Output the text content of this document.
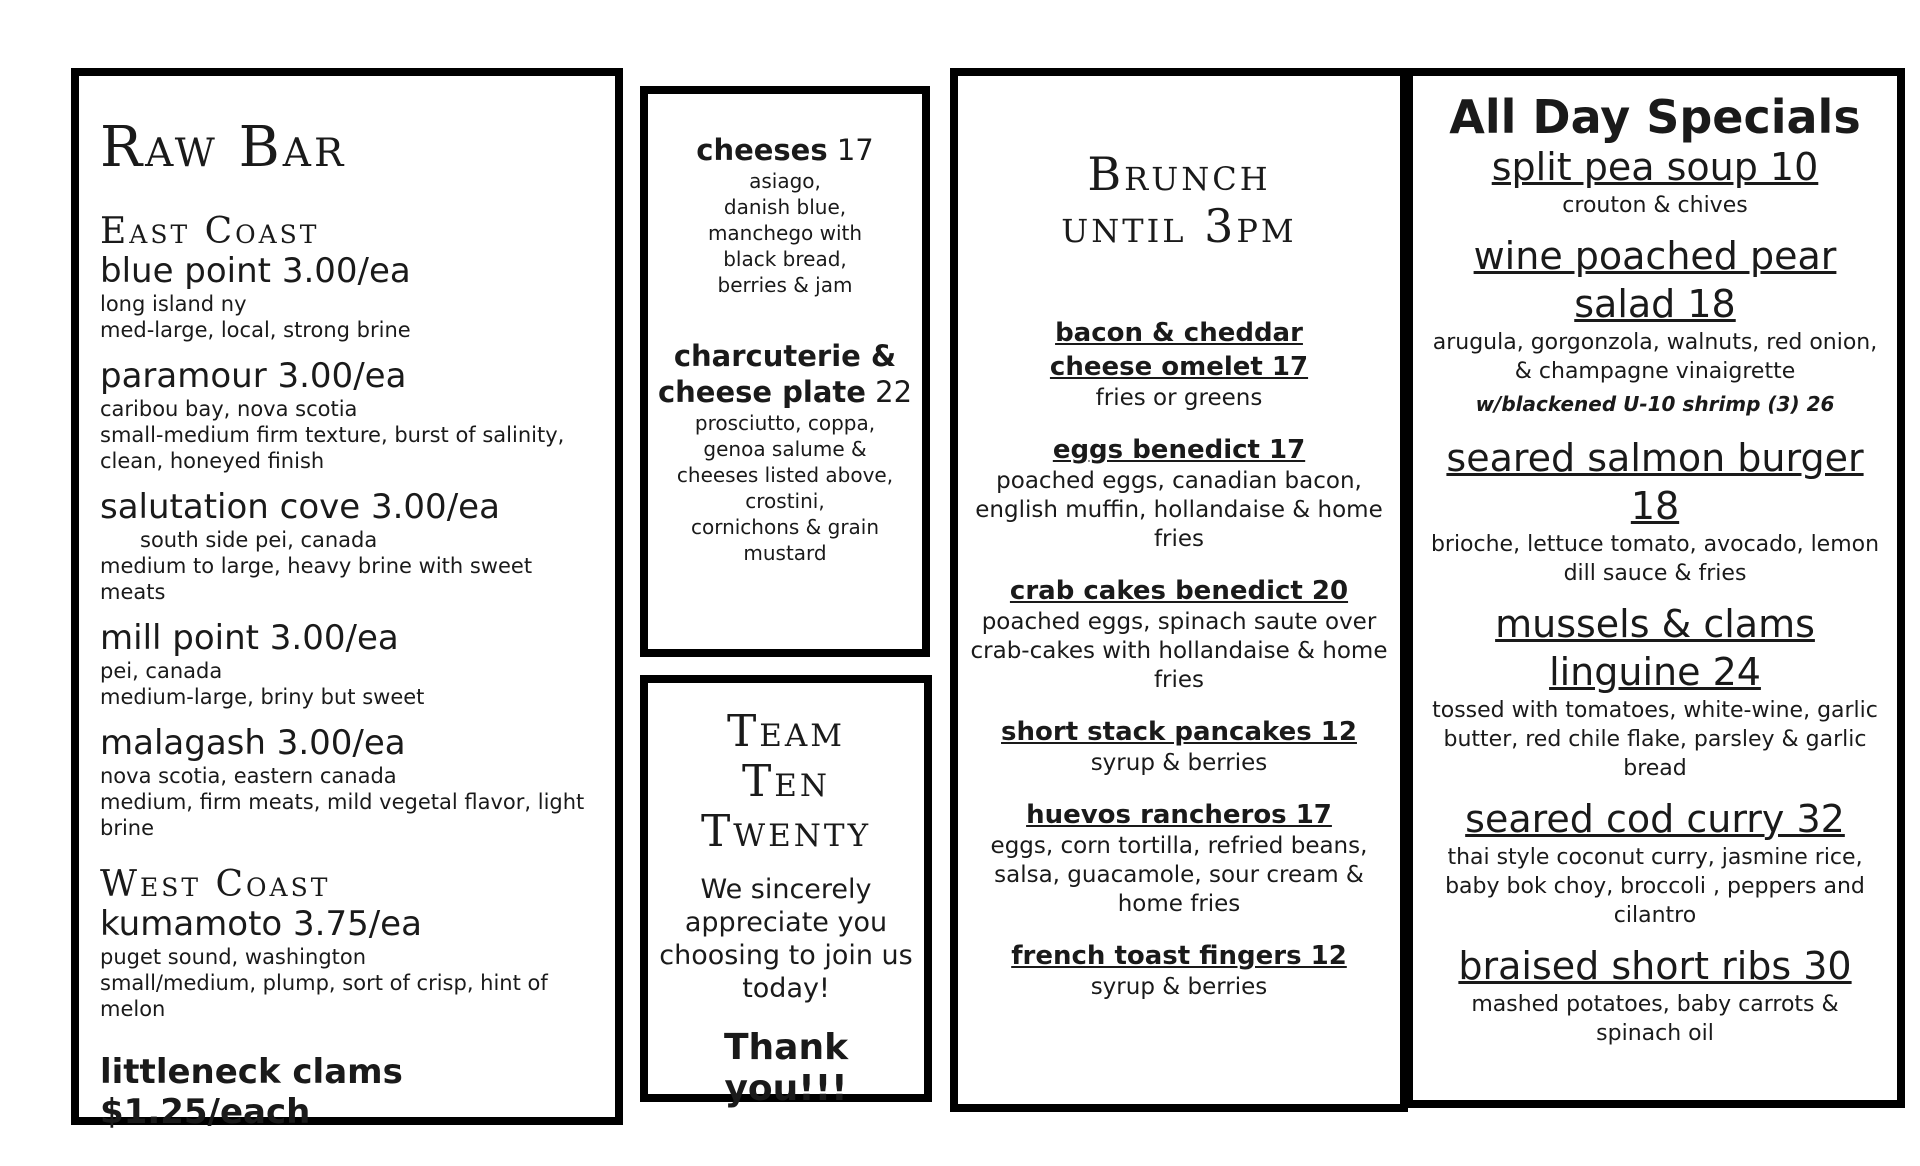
Raw Bar
East Coast
blue point 3.00/ea
long island ny
med-large, local, strong brine
paramour 3.00/ea
caribou bay, nova scotia
small-medium firm texture, burst of salinity, clean, honeyed finish
salutation cove 3.00/ea
south side pei, canada
medium to large, heavy brine with sweet meats
mill point 3.00/ea
pei, canada
medium-large, briny but sweet
malagash 3.00/ea
nova scotia, eastern canada
medium, firm meats, mild vegetal flavor, light brine
West Coast
kumamoto 3.75/ea
puget sound, washington
small/medium, plump, sort of crisp, hint of melon
littleneck clams $1.25/each
cheeses 17
asiago,
danish blue,
manchego with
black bread,
berries & jam
charcuterie &
cheese plate 22
prosciutto, coppa,
genoa salume &
cheeses listed above,
crostini,
cornichons & grain
mustard
Team
Ten
Twenty
We sincerely appreciate you choosing to join us today!
Thank you!!!
Brunch
until 3pm
bacon & cheddar cheese omelet 17
fries or greens
eggs benedict 17
poached eggs, canadian bacon, english muffin, hollandaise & home fries
crab cakes benedict 20
poached eggs, spinach saute over crab-cakes with hollandaise & home fries
short stack pancakes 12 syrup & berries
huevos rancheros 17
eggs, corn tortilla, refried beans, salsa, guacamole, sour cream & home fries
french toast fingers 12
syrup & berries
All Day Specials
split pea soup 10
crouton & chives
wine poached pear salad 18
arugula, gorgonzola, walnuts, red onion, & champagne vinaigrette
w/blackened U-10 shrimp (3) 26
seared salmon burger 18
brioche, lettuce tomato, avocado, lemon dill sauce & fries
mussels & clams linguine 24
tossed with tomatoes, white-wine, garlic butter, red chile flake, parsley & garlic bread
seared cod curry 32
thai style coconut curry, jasmine rice, baby bok choy, broccoli , peppers and cilantro
braised short ribs 30
mashed potatoes, baby carrots & spinach oil
